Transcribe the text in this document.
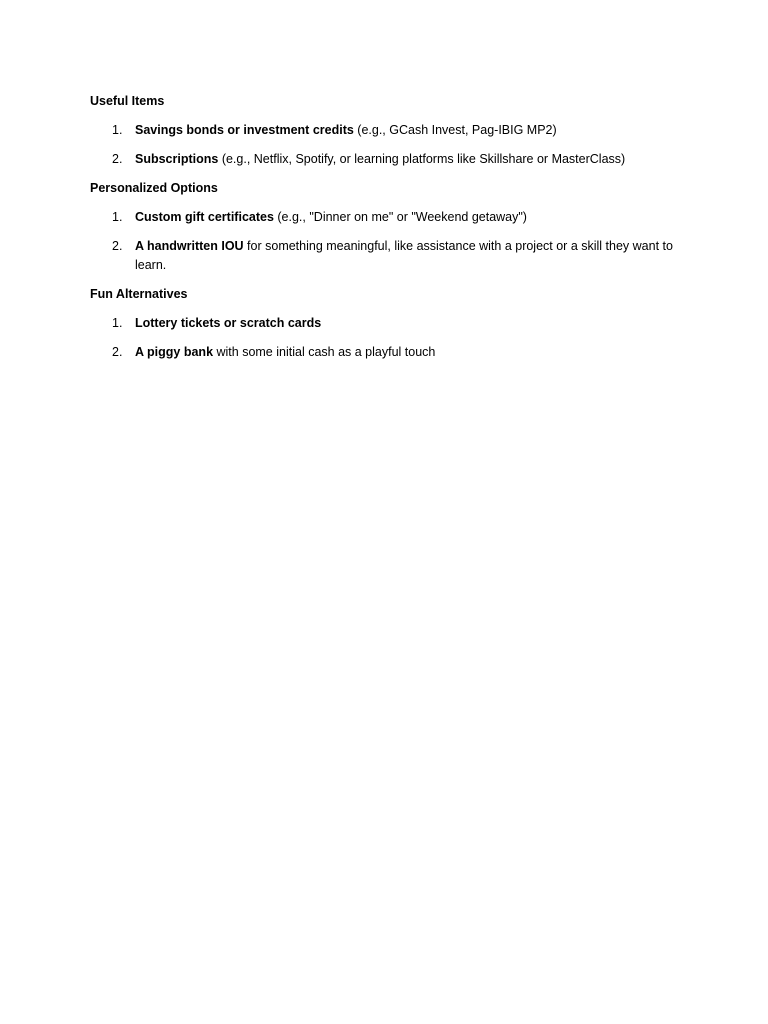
Useful Items
1. Savings bonds or investment credits (e.g., GCash Invest, Pag-IBIG MP2)
2. Subscriptions (e.g., Netflix, Spotify, or learning platforms like Skillshare or MasterClass)
Personalized Options
1. Custom gift certificates (e.g., "Dinner on me" or "Weekend getaway")
2. A handwritten IOU for something meaningful, like assistance with a project or a skill they want to learn.
Fun Alternatives
1. Lottery tickets or scratch cards
2. A piggy bank with some initial cash as a playful touch
